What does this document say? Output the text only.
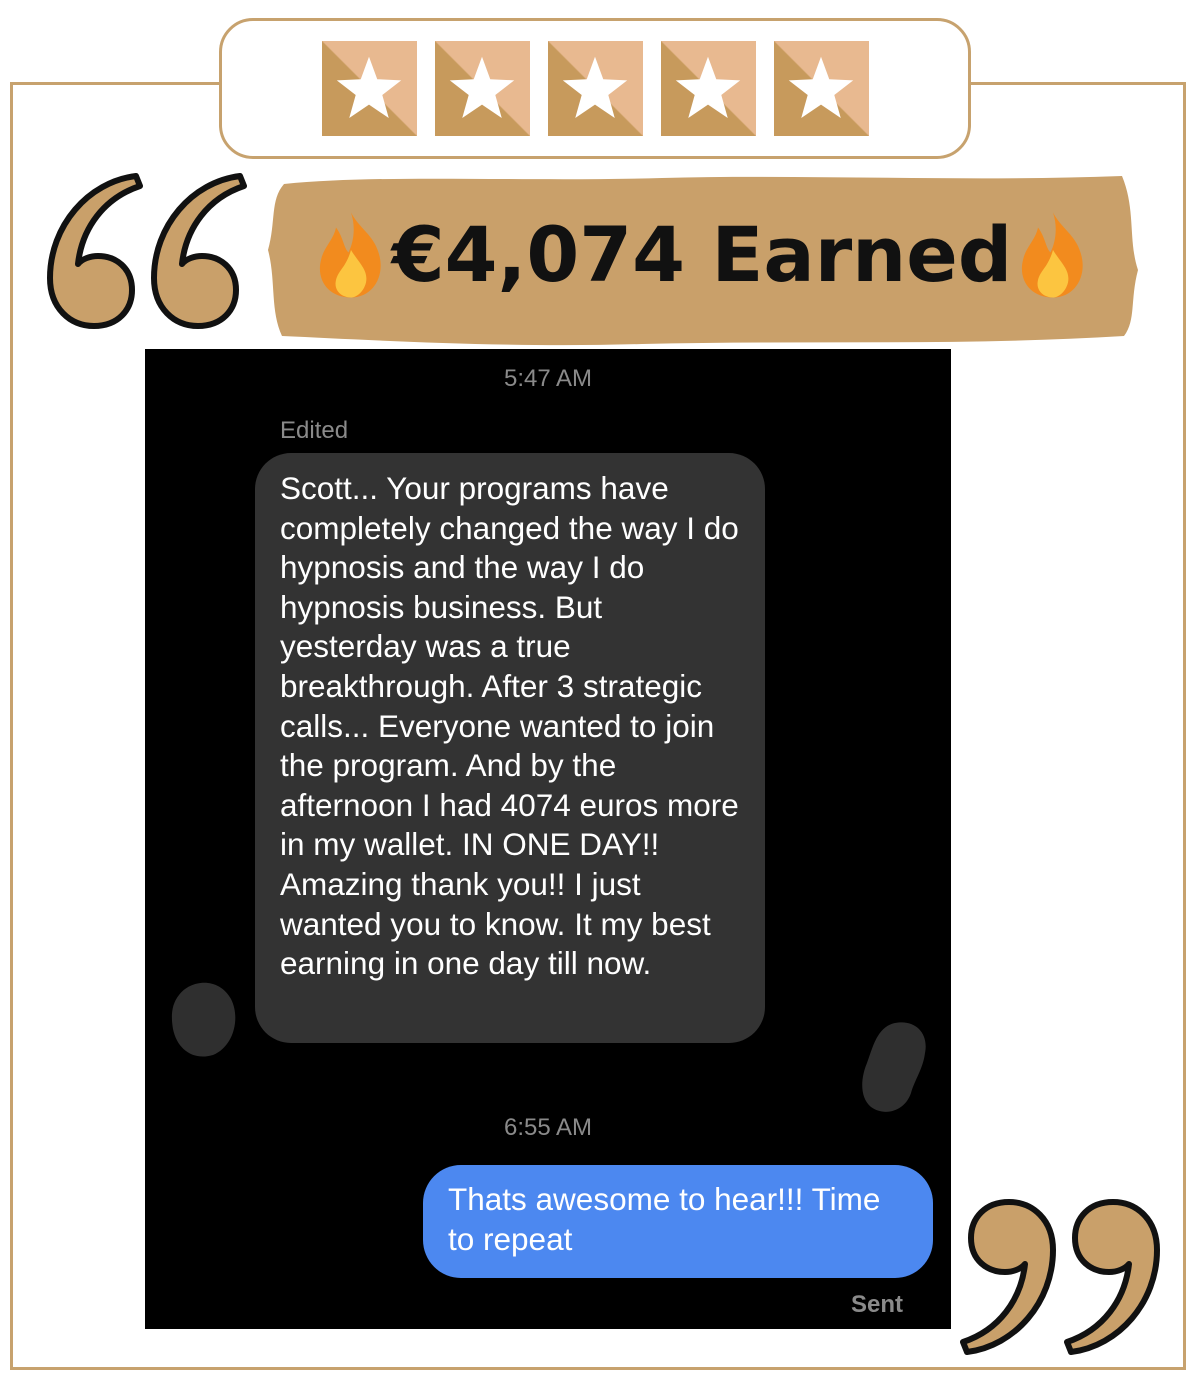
€4,074 Earned
5:47 AM
Edited
Scott... Your programs have completely changed the way I do hypnosis and the way I do hypnosis business. But yesterday was a true breakthrough. After 3 strategic calls... Everyone wanted to join the program. And by the afternoon I had 4074 euros more in my wallet. IN ONE DAY!! Amazing thank you!! I just wanted you to know. It my best earning in one day till now.
6:55 AM
Thats awesome to hear!!! Time to repeat
Sent
